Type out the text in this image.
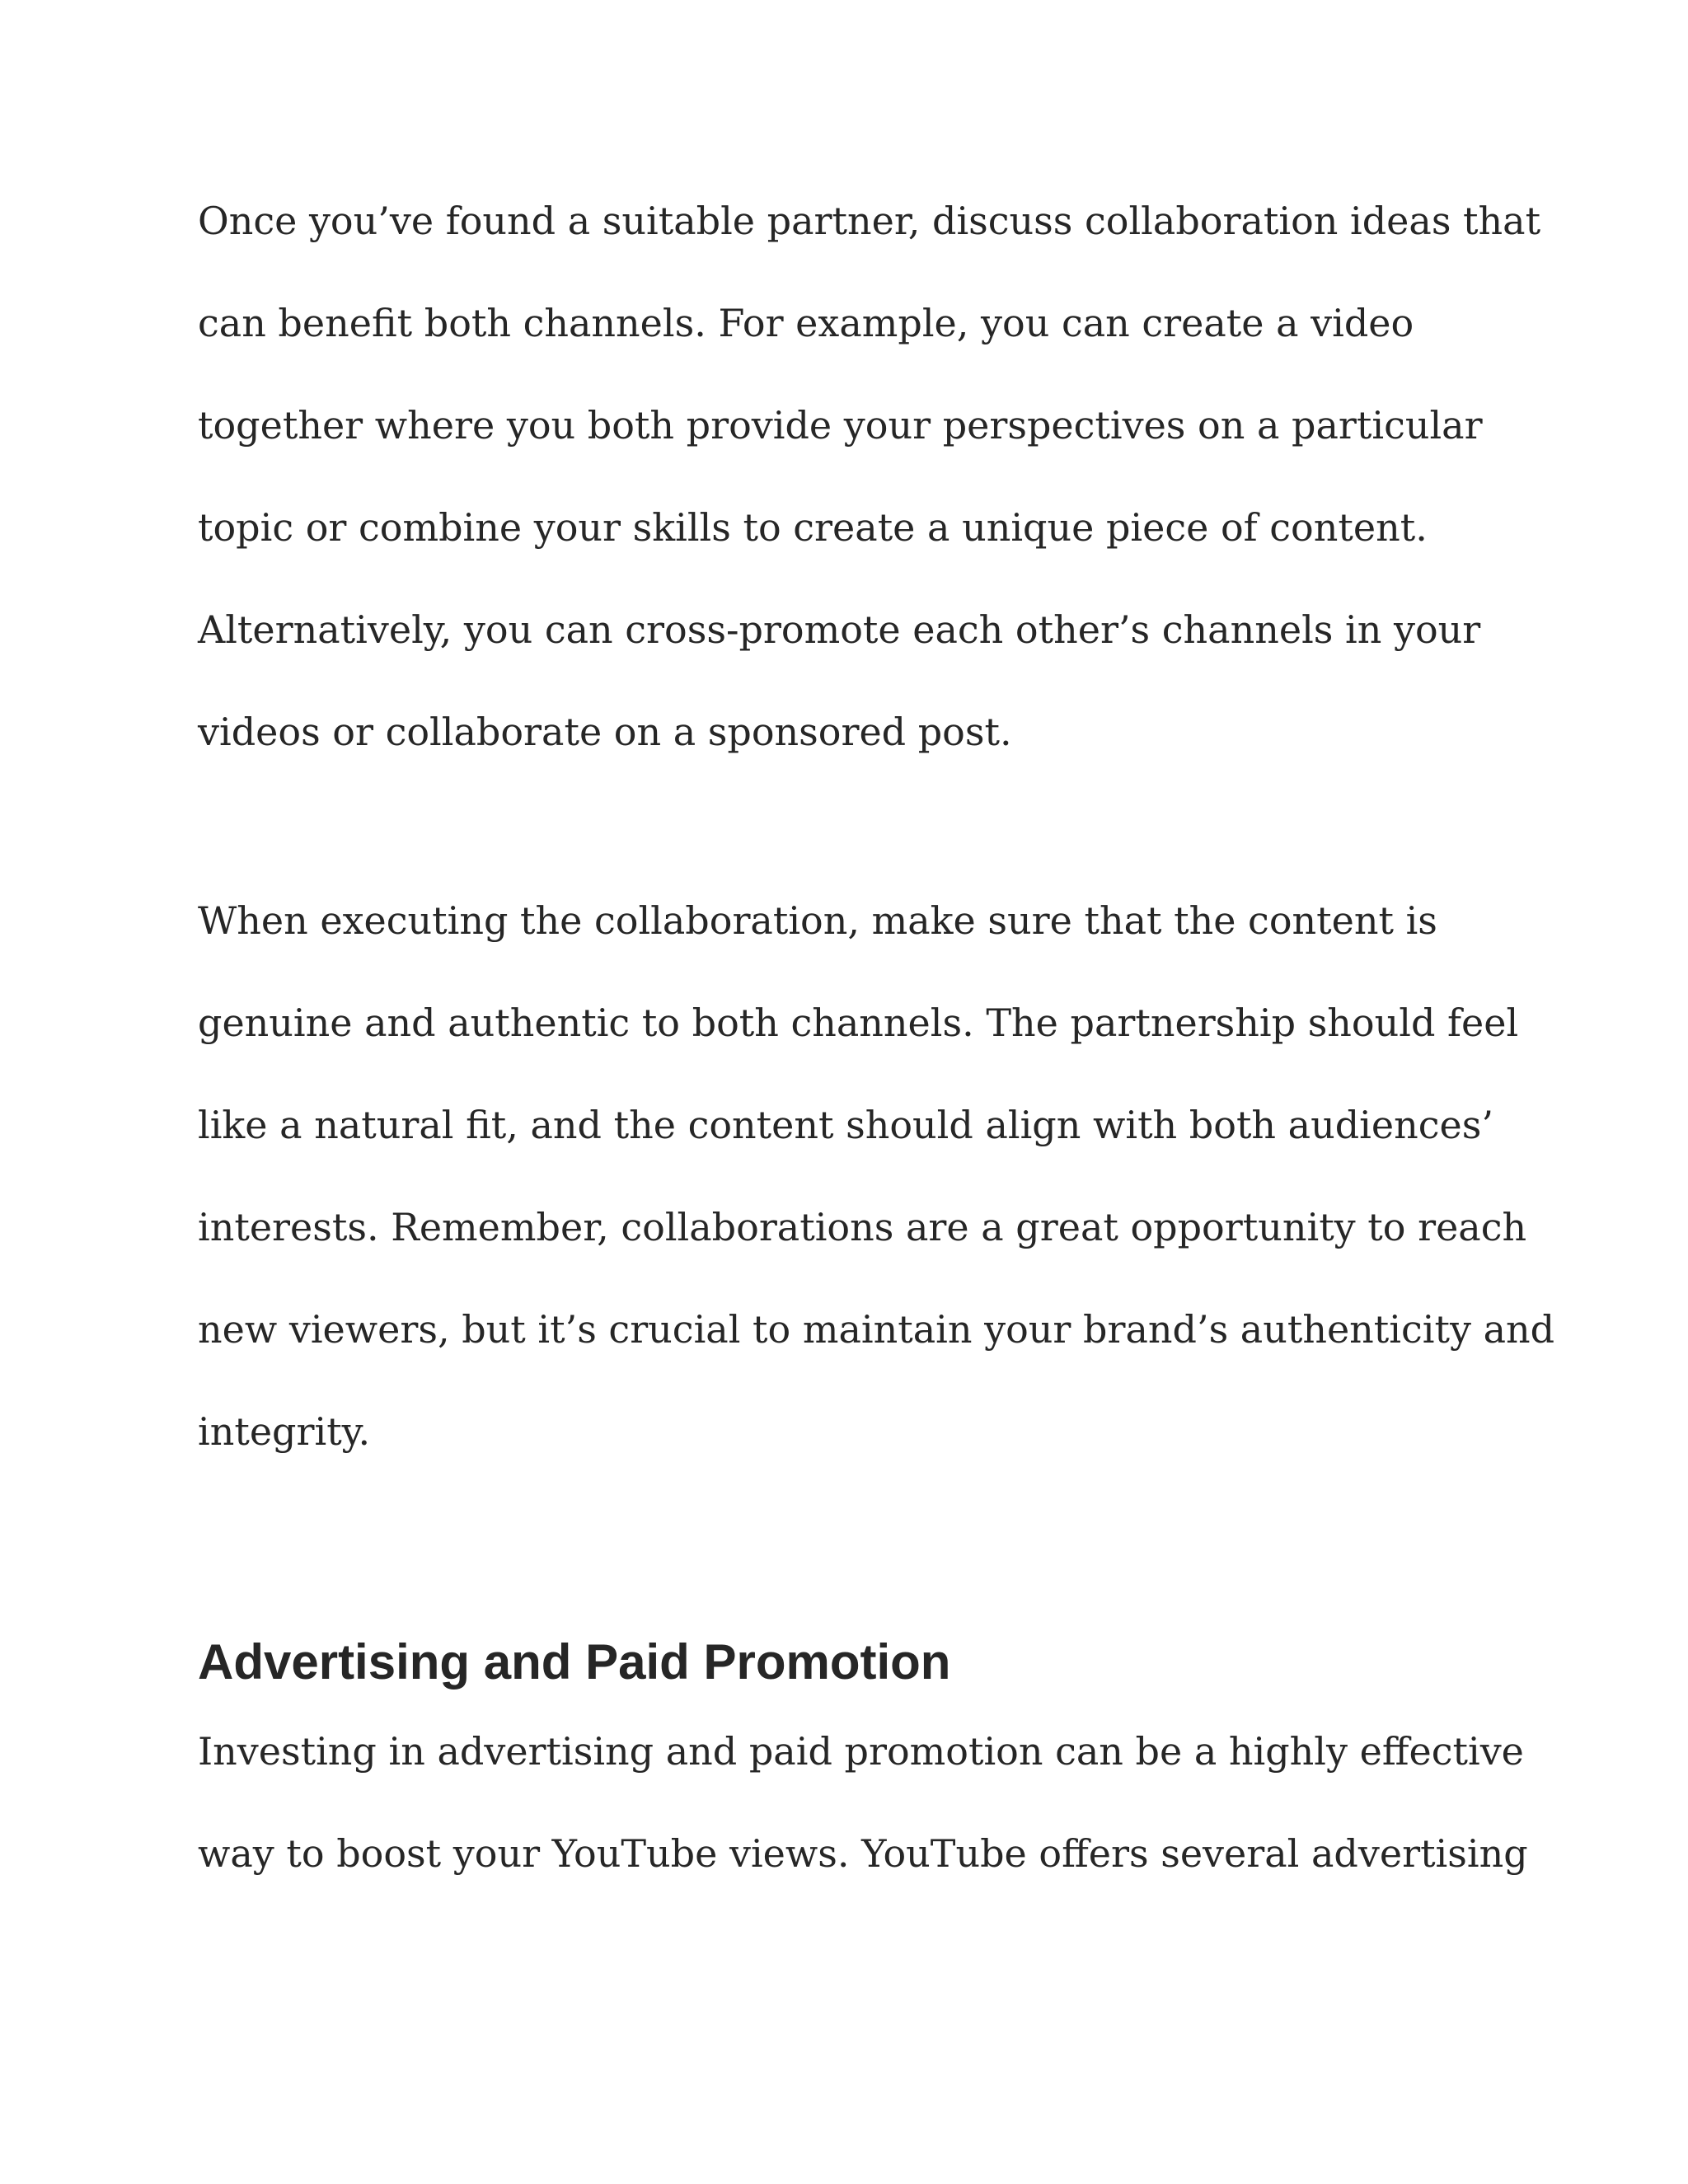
Once you’ve found a suitable partner, discuss collaboration ideas that

can benefit both channels. For example, you can create a video

together where you both provide your perspectives on a particular

topic or combine your skills to create a unique piece of content.

Alternatively, you can cross-promote each other’s channels in your

videos or collaborate on a sponsored post.

When executing the collaboration, make sure that the content is

genuine and authentic to both channels. The partnership should feel

like a natural fit, and the content should align with both audiences’

interests. Remember, collaborations are a great opportunity to reach

new viewers, but it’s crucial to maintain your brand’s authenticity and

integrity.

Advertising and Paid Promotion

Investing in advertising and paid promotion can be a highly effective

way to boost your YouTube views. YouTube offers several advertising
